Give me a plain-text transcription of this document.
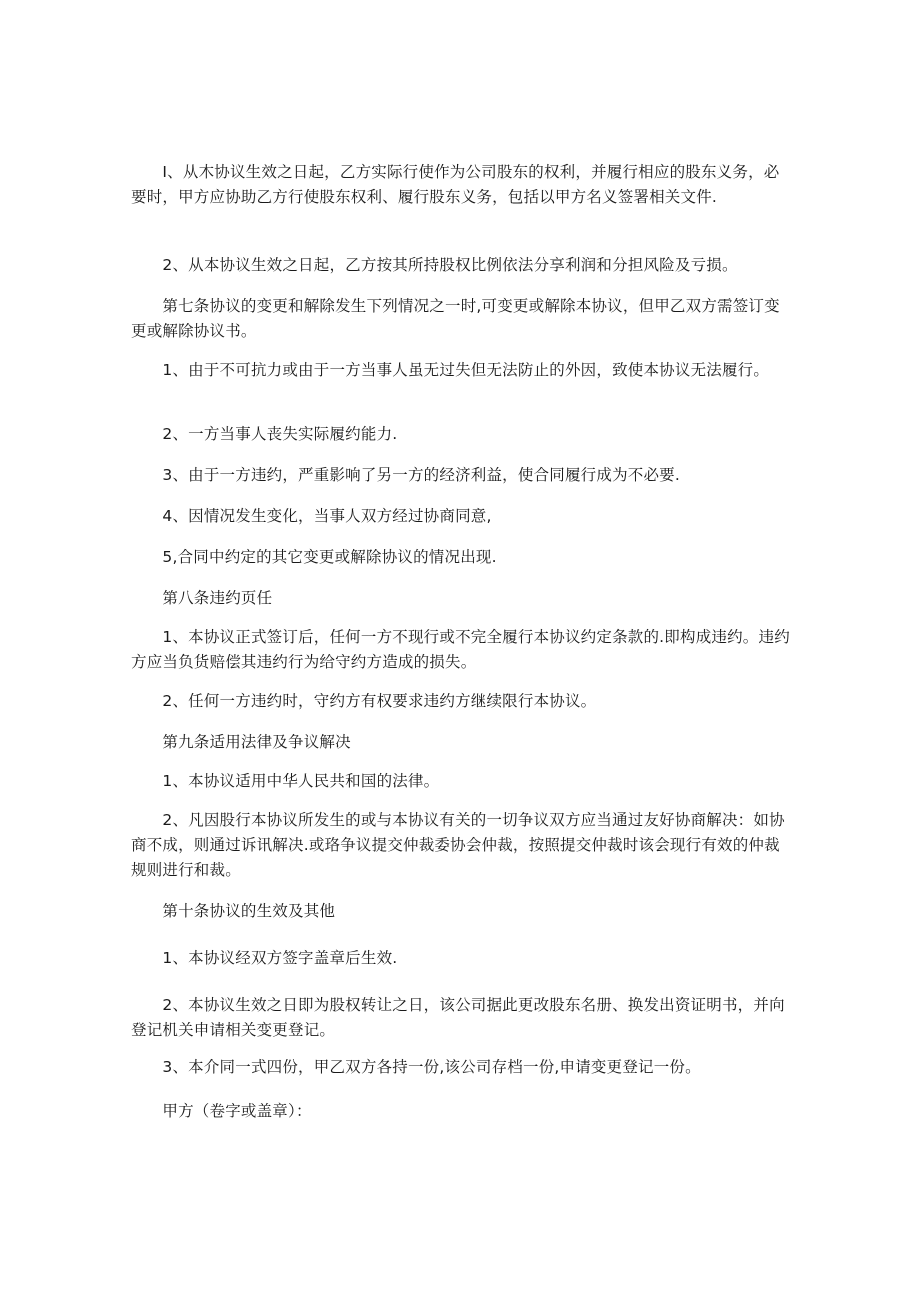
　　I、从木协议生效之日起，乙方实际行使作为公司股东的权利，并履行相应的股东义务，必要时，甲方应协助乙方行使股东权利、履行股东义务，包括以甲方名义签署相关文件.

　　2、从本协议生效之日起，乙方按其所持股权比例依法分享利润和分担风险及亏损。

　　第七条协议的变更和解除发生下列情况之一时,可变更或解除本协议，但甲乙双方需签订变更或解除协议书。

　　1、由于不可抗力或由于一方当事人虽无过失但无法防止的外因，致使本协议无法履行。

　　2、一方当事人丧失实际履约能力.

　　3、由于一方违约，严重影响了另一方的经济利益，使合同履行成为不必要.

　　4、因情况发生变化，当事人双方经过协商同意,

　　5,合同中约定的其它变更或解除协议的情况出现.

　　第八条违约页任

　　1、本协议正式签订后，任何一方不现行或不完全履行本协议约定条款的.即构成违约。违约方应当负货赔偿其违约行为给守约方造成的损失。

　　2、任何一方违约时，守约方有权要求违约方继续限行本协议。

　　第九条适用法律及争议解决

　　1、本协议适用中华人民共和国的法律。

　　2、凡因股行本协议所发生的或与本协议有关的一切争议双方应当通过友好协商解决：如协商不成，则通过诉讯解决.或珞争议提交仲裁委协会仲裁，按照提交仲裁时该会现行有效的仲裁规则进行和裁。

　　第十条协议的生效及其他

　　1、本协议经双方签字盖章后生效.

　　2、本协议生效之日即为股权转让之日，该公司据此更改股东名册、换发出资证明书，并向登记机关申请相关变更登记。

　　3、本介同一式四份，甲乙双方各持一份,该公司存档一份,申请变更登记一份。

　　甲方（卷字或盖章）：
